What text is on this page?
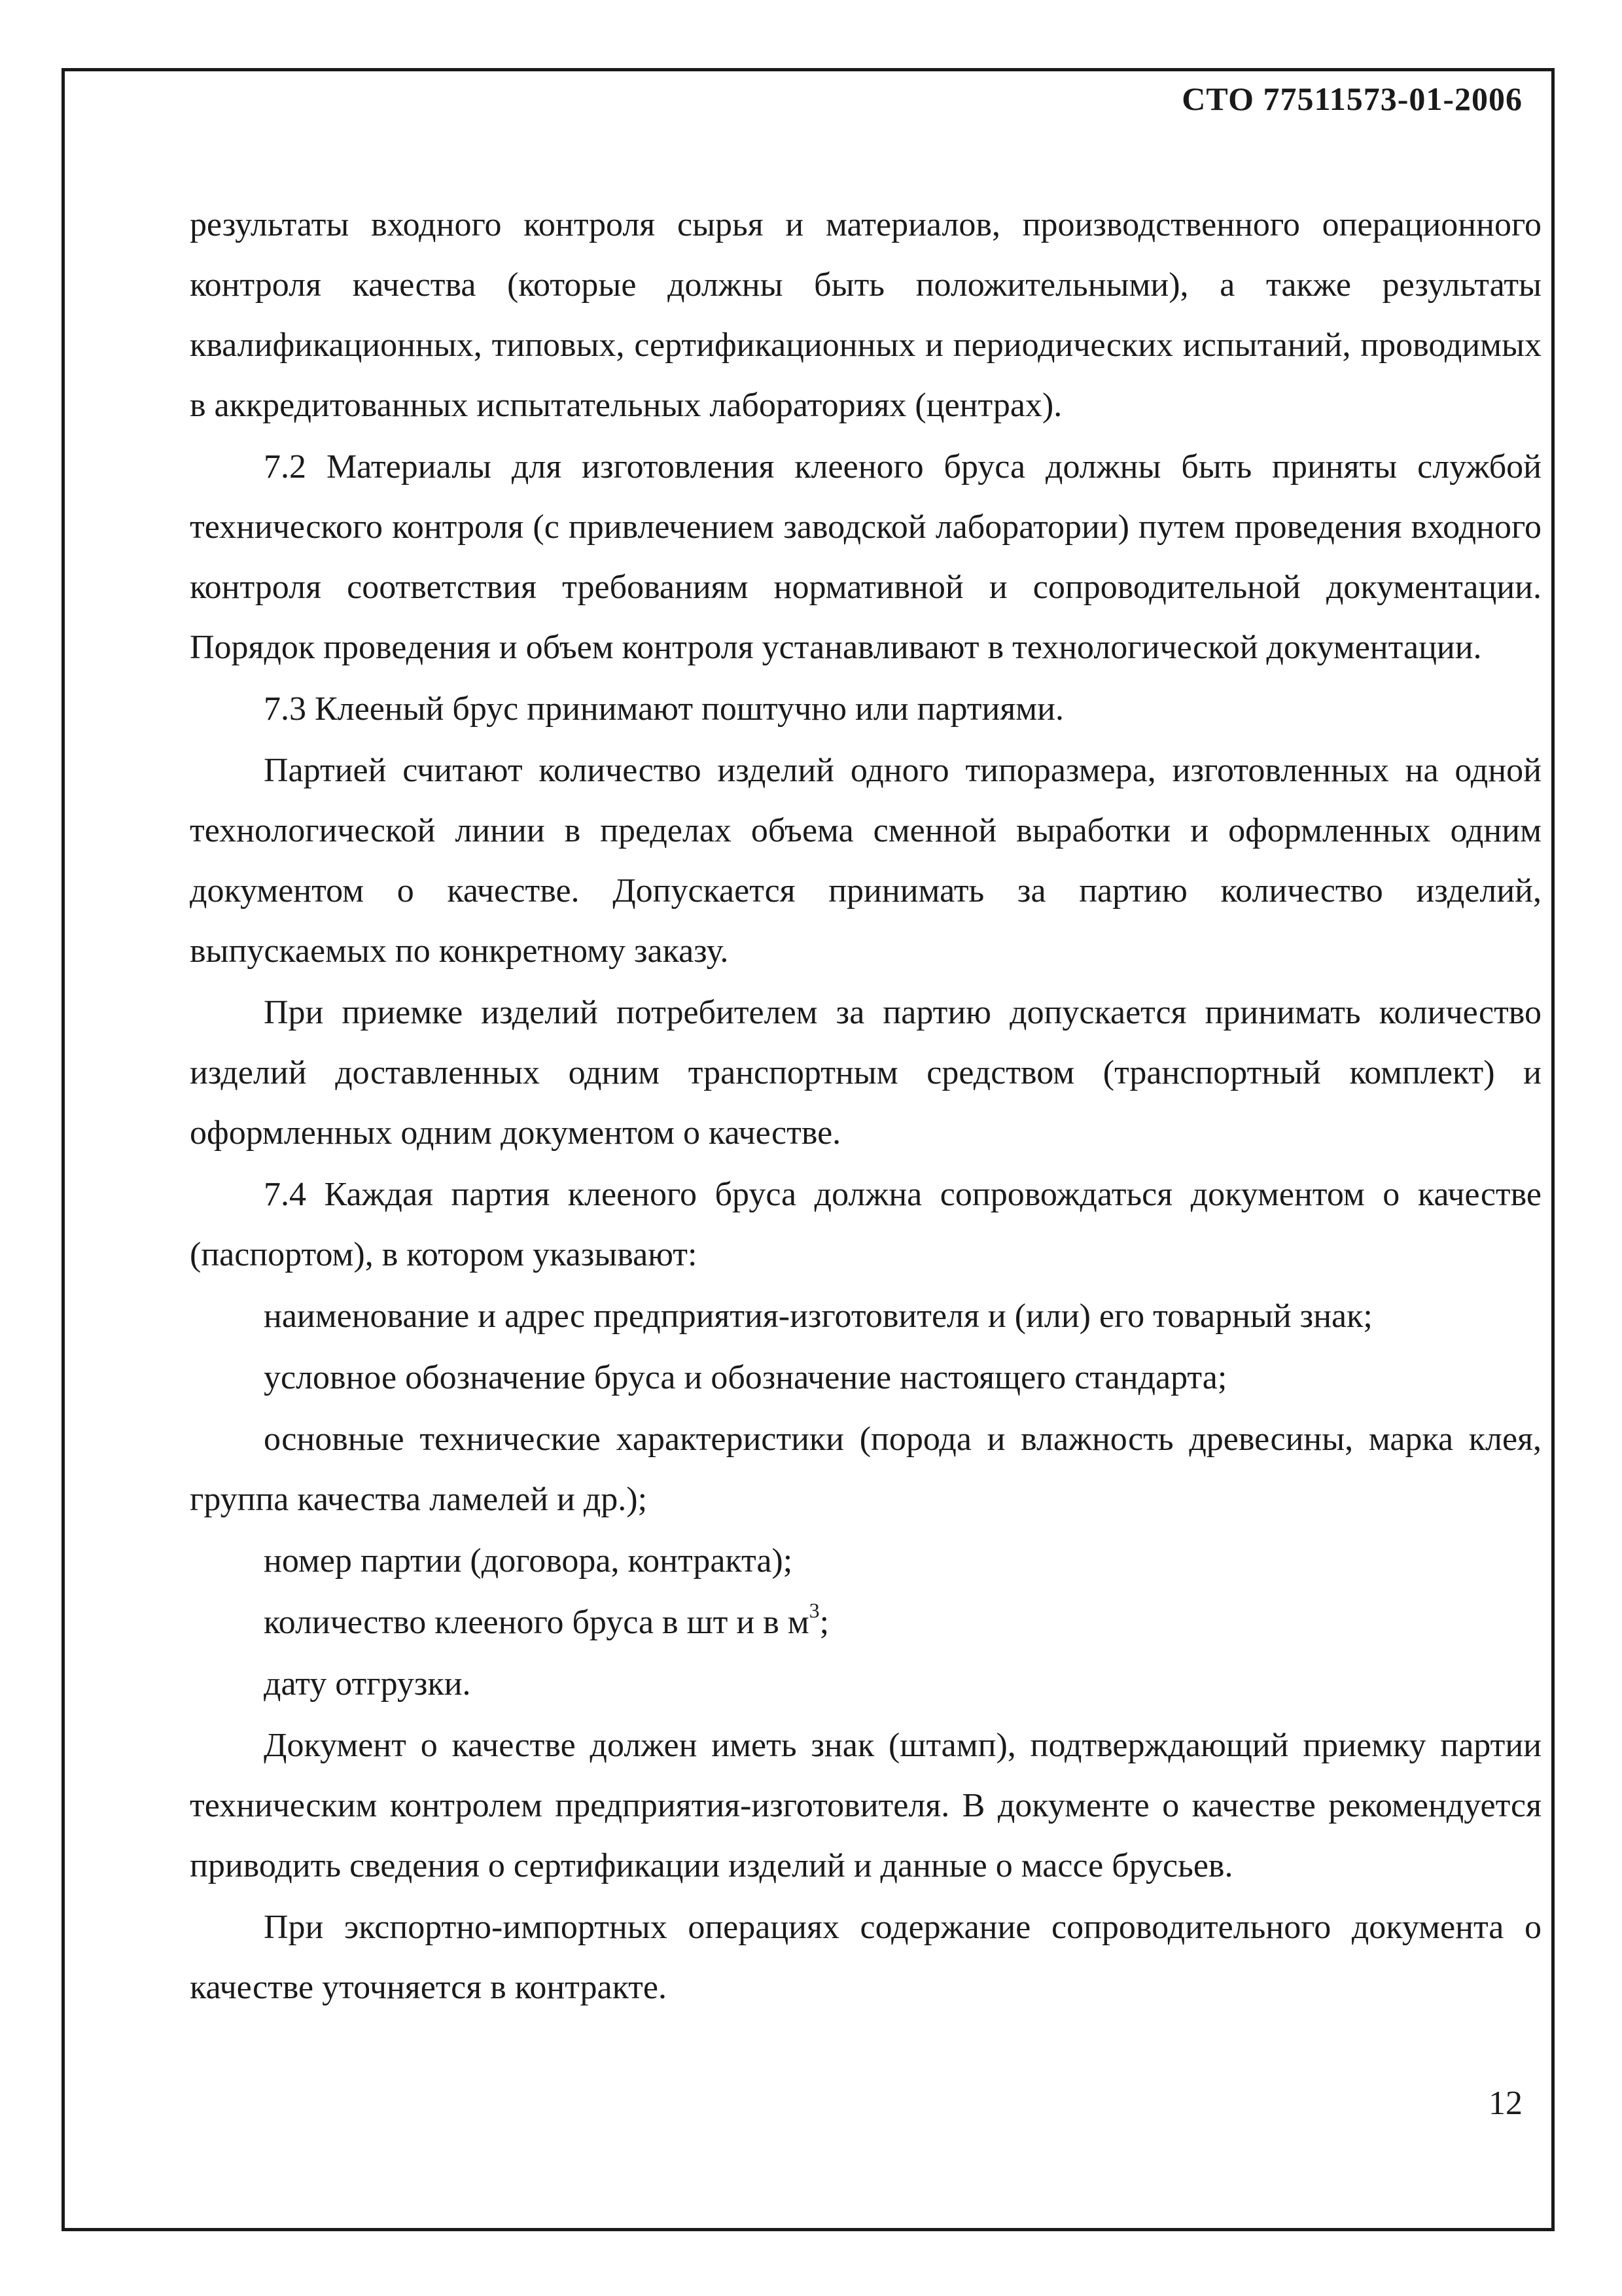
СТО 77511573-01-2006

результаты входного контроля сырья и материалов, производственного операционного контроля качества (которые должны быть положительными), а также результаты квалификационных, типовых, сертификационных и периодических испытаний, проводимых в аккредитованных испытательных лабораториях (центрах).

7.2 Материалы для изготовления клееного бруса должны быть приняты службой технического контроля (с привлечением заводской лаборатории) путем проведения входного контроля соответствия требованиям нормативной и сопроводительной документации. Порядок проведения и объем контроля устанавливают в технологической документации.

7.3 Клееный брус принимают поштучно или партиями.

Партией считают количество изделий одного типоразмера, изготовленных на одной технологической линии в пределах объема сменной выработки и оформленных одним документом о качестве. Допускается принимать за партию количество изделий, выпускаемых по конкретному заказу.

При приемке изделий потребителем за партию допускается принимать количество изделий доставленных одним транспортным средством (транспортный комплект) и оформленных одним документом о качестве.

7.4 Каждая партия клееного бруса должна сопровождаться документом о качестве (паспортом), в котором указывают:

наименование и адрес предприятия-изготовителя и (или) его товарный знак;

условное обозначение бруса и обозначение настоящего стандарта;

основные технические характеристики (порода и влажность древесины, марка клея, группа качества ламелей и др.);

номер партии (договора, контракта);

количество клееного бруса в шт и в $м^3$;

дату отгрузки.

Документ о качестве должен иметь знак (штамп), подтверждающий приемку партии техническим контролем предприятия-изготовителя. В документе о качестве рекомендуется приводить сведения о сертификации изделий и данные о массе брусьев.

При экспортно-импортных операциях содержание сопроводительного документа о качестве уточняется в контракте.

12
